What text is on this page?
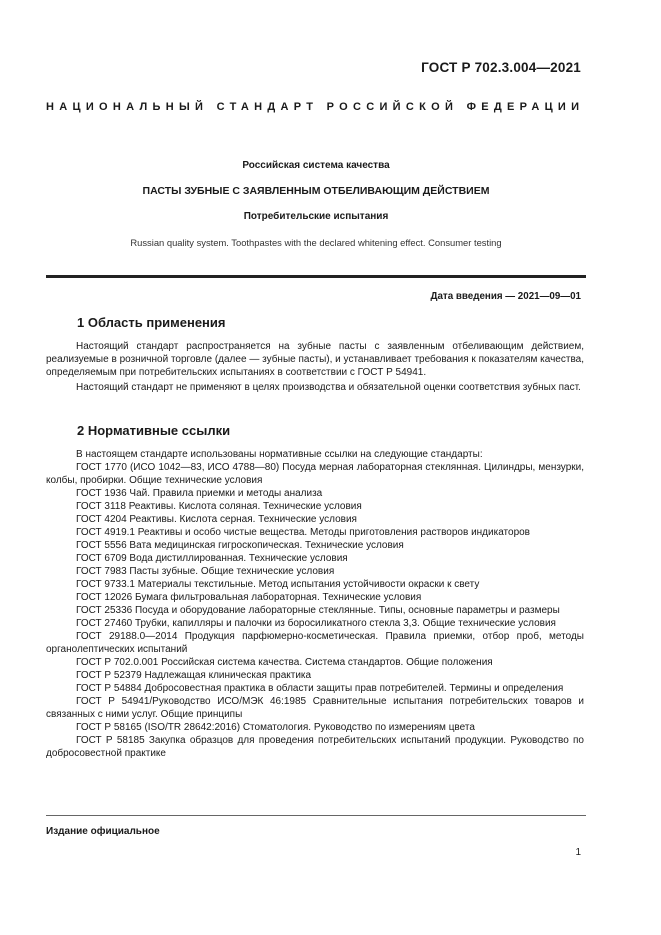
ГОСТ Р 702.3.004—2021
НАЦИОНАЛЬНЫЙ СТАНДАРТ РОССИЙСКОЙ ФЕДЕРАЦИИ
Российская система качества
ПАСТЫ ЗУБНЫЕ С ЗАЯВЛЕННЫМ ОТБЕЛИВАЮЩИМ ДЕЙСТВИЕМ
Потребительские испытания
Russian quality system. Toothpastes with the declared whitening effect. Consumer testing
Дата введения — 2021—09—01
1 Область применения

Настоящий стандарт распространяется на зубные пасты с заявленным отбеливающим действием, реализуемые в розничной торговле (далее — зубные пасты), и устанавливает требования к показателям качества, определяемым при потребительских испытаниях в соответствии с ГОСТ Р 54941.

Настоящий стандарт не применяют в целях производства и обязательной оценки соответствия зубных паст.

2 Нормативные ссылки

В настоящем стандарте использованы нормативные ссылки на следующие стандарты:

ГОСТ 1770 (ИСО 1042—83, ИСО 4788—80) Посуда мерная лабораторная стеклянная. Цилиндры, мензурки, колбы, пробирки. Общие технические условия

ГОСТ 1936 Чай. Правила приемки и методы анализа

ГОСТ 3118 Реактивы. Кислота соляная. Технические условия

ГОСТ 4204 Реактивы. Кислота серная. Технические условия

ГОСТ 4919.1 Реактивы и особо чистые вещества. Методы приготовления растворов индикаторов

ГОСТ 5556 Вата медицинская гигроскопическая. Технические условия

ГОСТ 6709 Вода дистиллированная. Технические условия

ГОСТ 7983 Пасты зубные. Общие технические условия

ГОСТ 9733.1 Материалы текстильные. Метод испытания устойчивости окраски к свету

ГОСТ 12026 Бумага фильтровальная лабораторная. Технические условия

ГОСТ 25336 Посуда и оборудование лабораторные стеклянные. Типы, основные параметры и размеры

ГОСТ 27460 Трубки, капилляры и палочки из боросиликатного стекла 3,3. Общие технические условия

ГОСТ 29188.0—2014 Продукция парфюмерно-косметическая. Правила приемки, отбор проб, методы органолептических испытаний

ГОСТ Р 702.0.001 Российская система качества. Система стандартов. Общие положения

ГОСТ Р 52379 Надлежащая клиническая практика

ГОСТ Р 54884 Добросовестная практика в области защиты прав потребителей. Термины и определения

ГОСТ Р 54941/Руководство ИСО/МЭК 46:1985 Сравнительные испытания потребительских товаров и связанных с ними услуг. Общие принципы

ГОСТ Р 58165 (ISO/TR 28642:2016) Стоматология. Руководство по измерениям цвета

ГОСТ Р 58185 Закупка образцов для проведения потребительских испытаний продукции. Руководство по добросовестной практике

Издание официальное
1
